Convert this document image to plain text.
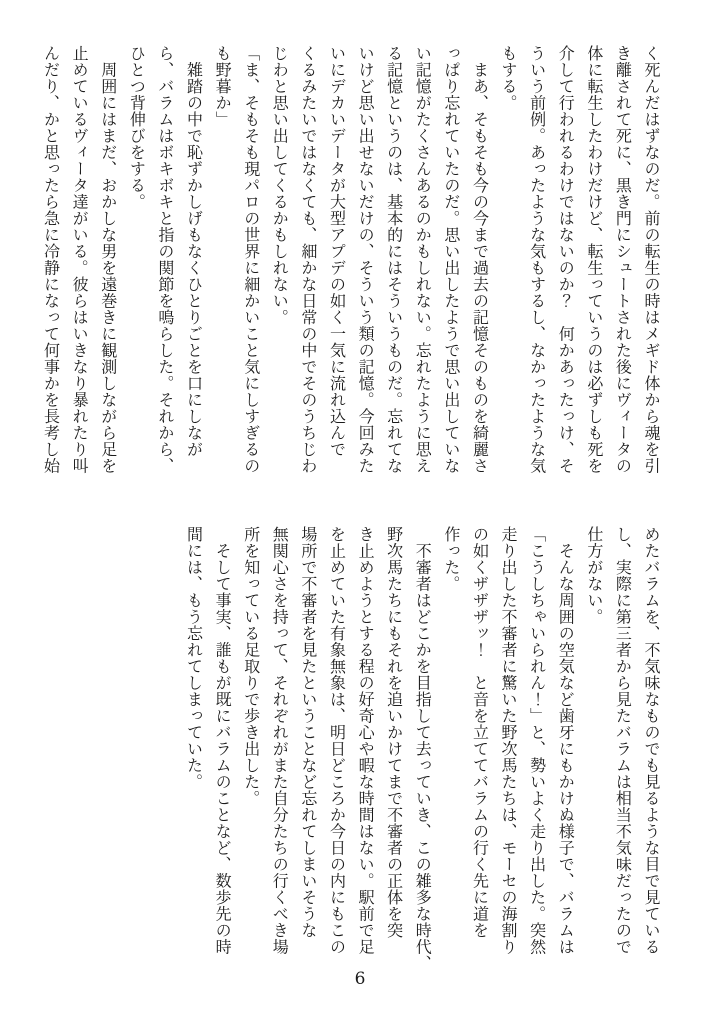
く死んだはずなのだ。前の転生の時はメギド体から魂を引

き離されて死に、黒き門にシュートされた後にヴィータの

体に転生したわけだけど、転生っていうのは必ずしも死を

介して行われるわけではないのか？　何かあったっけ、そ

ういう前例。あったような気もするし、なかったような気

もする。

　まあ、そもそも今の今まで過去の記憶そのものを綺麗さ

っぱり忘れていたのだ。思い出したようで思い出していな

い記憶がたくさんあるのかもしれない。忘れたように思え

る記憶というのは、基本的にはそういうものだ。忘れてな

いけど思い出せないだけの、そういう類の記憶。今回みた

いにデカいデータが大型アプデの如く一気に流れ込んで

くるみたいではなくても、細かな日常の中でそのうちじわ

じわと思い出してくるかもしれない。

「ま、そもそも現パロの世界に細かいこと気にしすぎるの

も野暮か」

　雑踏の中で恥ずかしげもなくひとりごとを口にしなが

ら、バラムはボキボキと指の関節を鳴らした。それから、

ひとつ背伸びをする。

　周囲にはまだ、おかしな男を遠巻きに観測しながら足を

止めているヴィータ達がいる。彼らはいきなり暴れたり叫

んだり、かと思ったら急に冷静になって何事かを長考し始

めたバラムを、不気味なものでも見るような目で見ている

し、実際に第三者から見たバラムは相当不気味だったので

仕方がない。

　そんな周囲の空気など歯牙にもかけぬ様子で、バラムは

「こうしちゃいられん！」と、勢いよく走り出した。突然

走り出した不審者に驚いた野次馬たちは、モーセの海割り

の如くザザザッ！　と音を立ててバラムの行く先に道を

作った。

　不審者はどこかを目指して去っていき、この雑多な時代、

野次馬たちにもそれを追いかけてまで不審者の正体を突

き止めようとする程の好奇心や暇な時間はない。駅前で足

を止めていた有象無象は、明日どころか今日の内にもこの

場所で不審者を見たということなど忘れてしまいそうな

無関心さを持って、それぞれがまた自分たちの行くべき場

所を知っている足取りで歩き出した。

　そして事実、誰もが既にバラムのことなど、数歩先の時

間には、もう忘れてしまっていた。

6
